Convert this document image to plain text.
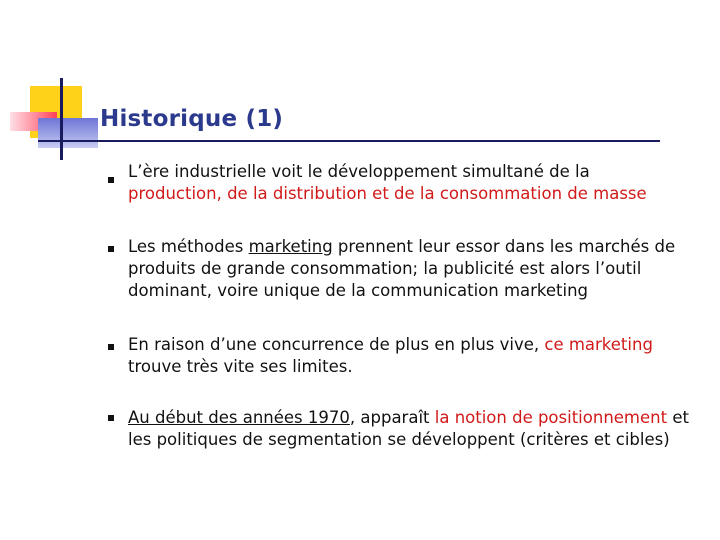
Historique (1)

L’ère industrielle voit le développement simultané de la
production, de la distribution et de la consommation de masse

Les méthodes marketing prennent leur essor dans les marchés de produits de grande consommation; la publicité est alors l’outil dominant, voire unique de la communication marketing

En raison d’une concurrence de plus en plus vive, ce marketing trouve très vite ses limites.

Au début des années 1970, apparaît la notion de positionnement et les politiques de segmentation se développent (critères et cibles)
